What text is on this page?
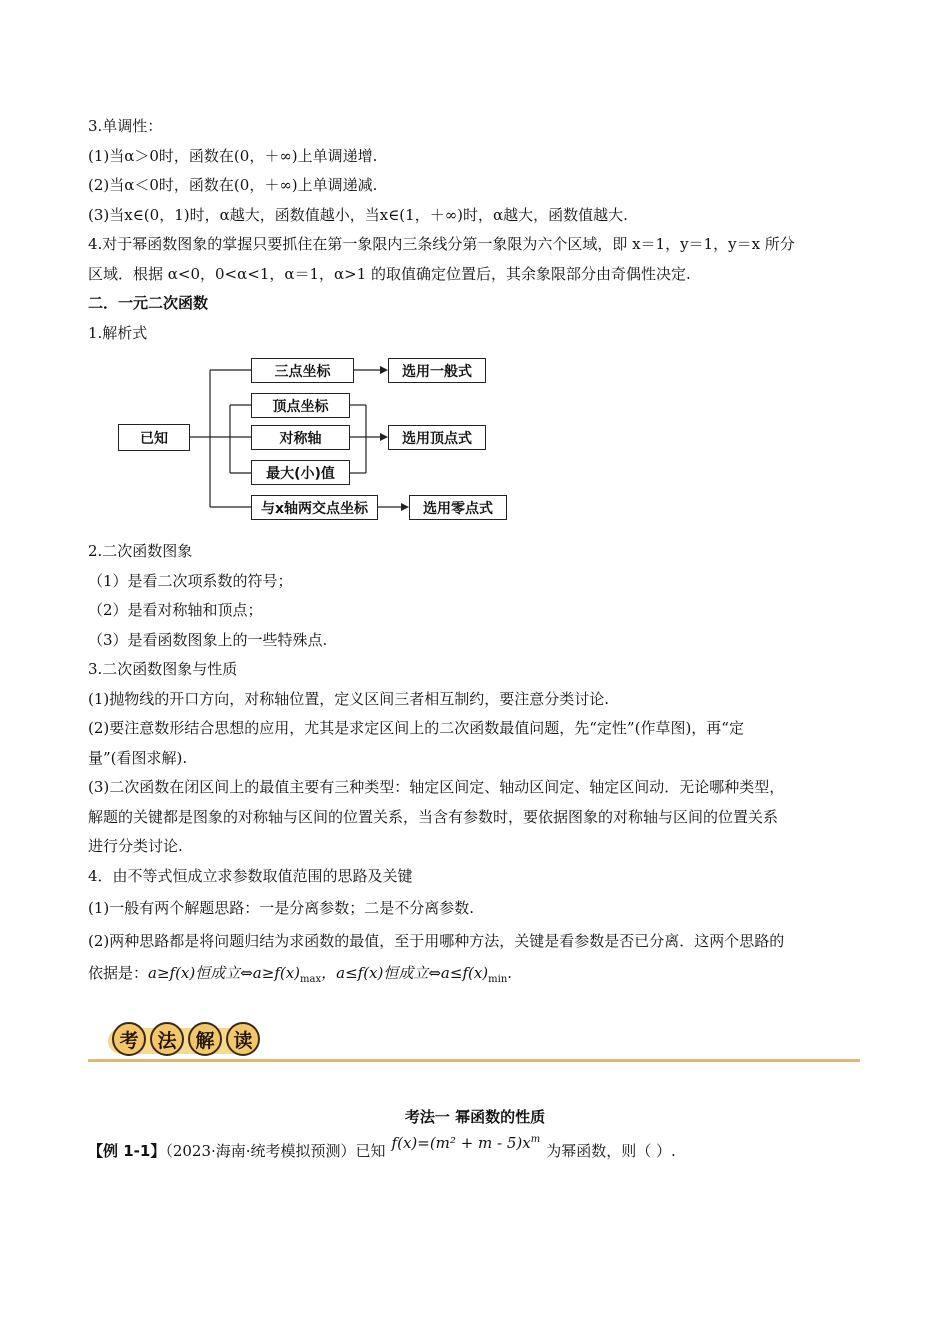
3.单调性：
(1)当α＞0时，函数在(0，＋∞)上单调递增.
(2)当α＜0时，函数在(0，＋∞)上单调递减.
(3)当x∈(0，1)时，α越大，函数值越小，当x∈(1，＋∞)时，α越大，函数值越大.
4.对于幂函数图象的掌握只要抓住在第一象限内三条线分第一象限为六个区域，即 x＝1，y＝1，y＝x 所分
区域．根据 α<0，0<α<1，α＝1，α>1 的取值确定位置后，其余象限部分由奇偶性决定.
二．一元二次函数
1.解析式
已知
三点坐标
顶点坐标
对称轴
最大(小)值
与x轴两交点坐标
选用一般式
选用顶点式
选用零点式
2.二次函数图象
（1）是看二次项系数的符号；
（2）是看对称轴和顶点；
（3）是看函数图象上的一些特殊点.
3.二次函数图象与性质
(1)抛物线的开口方向，对称轴位置，定义区间三者相互制约，要注意分类讨论.
(2)要注意数形结合思想的应用，尤其是求定区间上的二次函数最值问题，先“定性”(作草图)，再“定
量”(看图求解).
(3)二次函数在闭区间上的最值主要有三种类型：轴定区间定、轴动区间定、轴定区间动．无论哪种类型，
解题的关键都是图象的对称轴与区间的位置关系，当含有参数时，要依据图象的对称轴与区间的位置关系
进行分类讨论.
4．由不等式恒成立求参数取值范围的思路及关键
(1)一般有两个解题思路：一是分离参数；二是不分离参数.
(2)两种思路都是将问题归结为求函数的最值，至于用哪种方法，关键是看参数是否已分离．这两个思路的
依据是：a≥f(x)恒成立$\Leftrightarrow a\ge f(x)_{max}$，a≤f(x)恒成立$\Leftrightarrow a\le f(x)_{min}$.
考 法 解 读
考法一 幂函数的性质
【例 1-1】（2023·海南·统考模拟预测）已知 $f(x)=(m^2 + m - 5)x^m$为幂函数，则（ ）.
